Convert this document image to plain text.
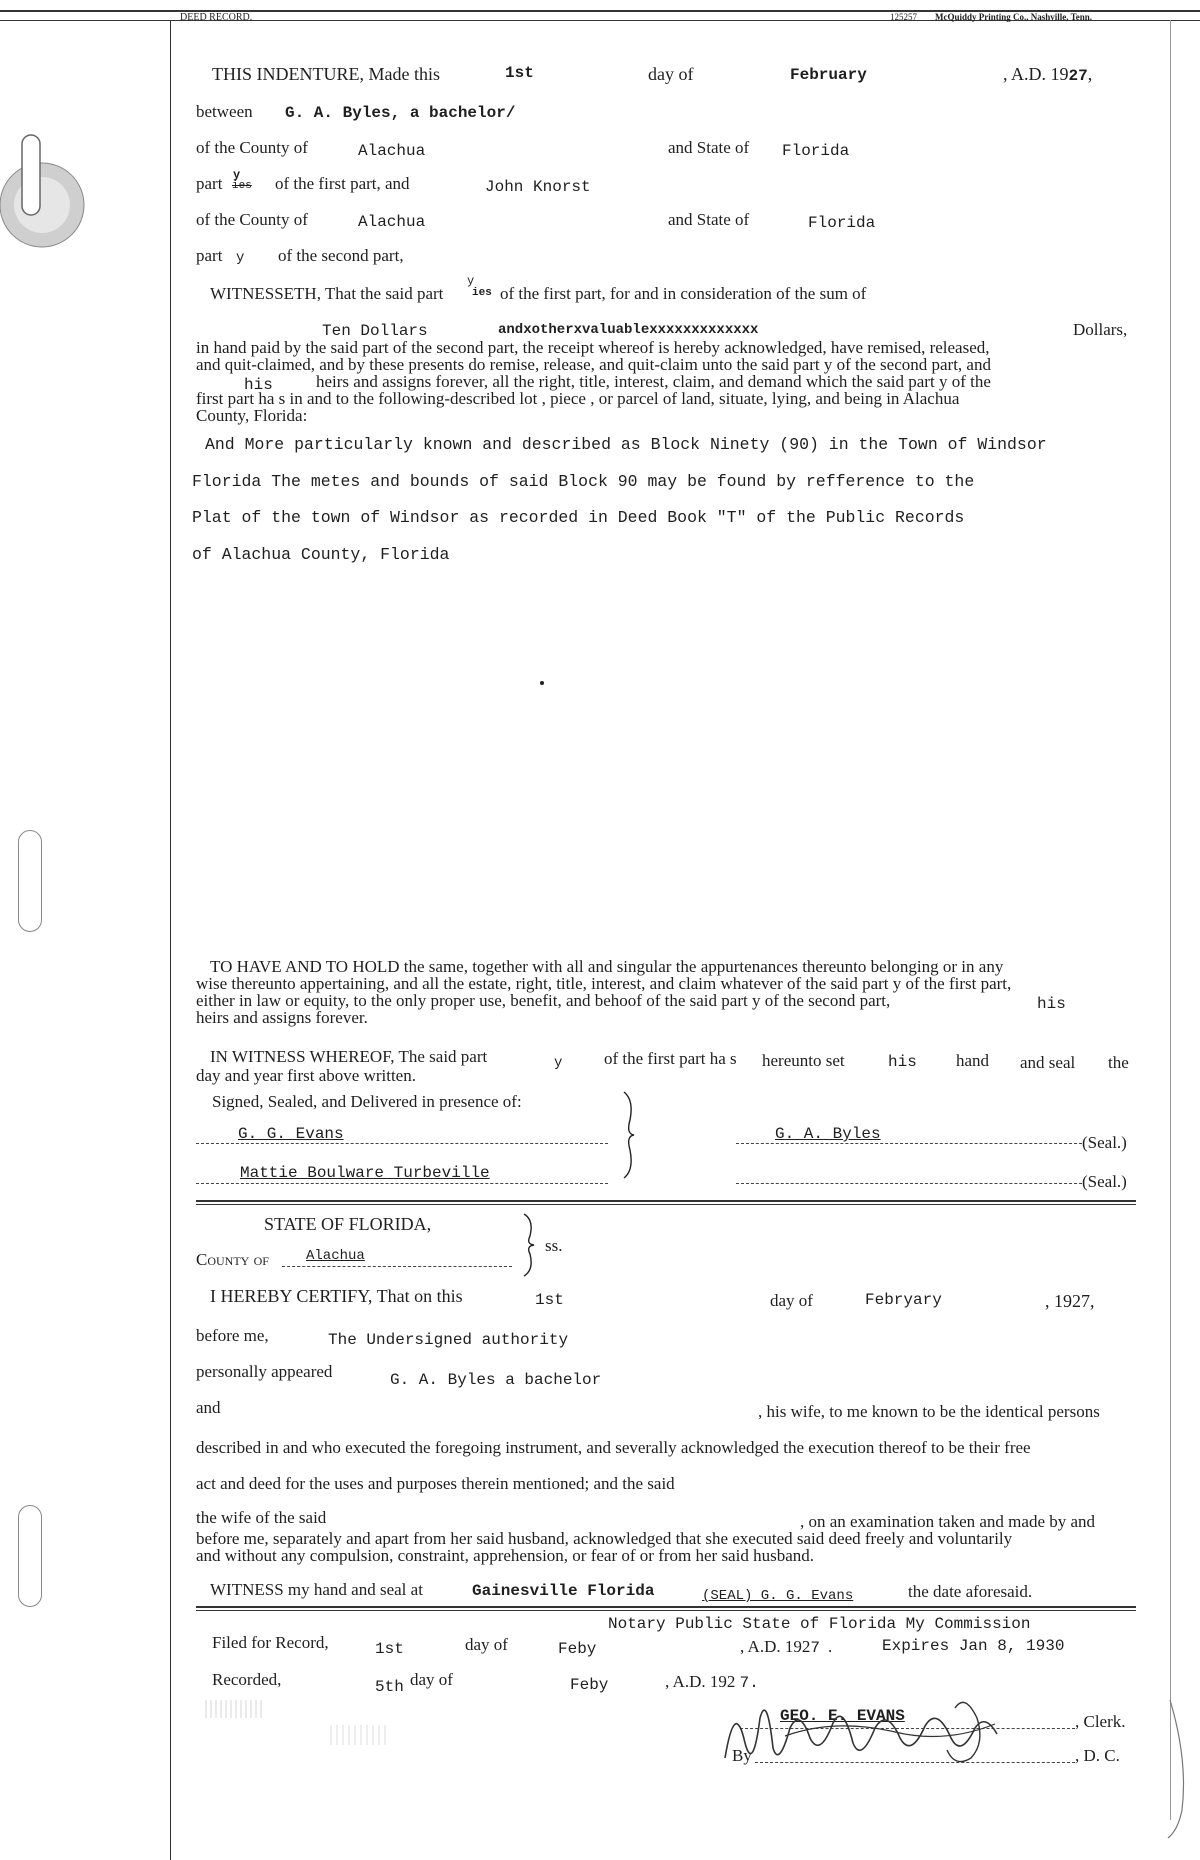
DEED RECORD.	125257 McQuiddy Printing Co., Nashville, Tenn.
THIS INDENTURE, Made this	1st	day of	February	, A.D. 1927,
between G. A. Byles, a bachelor/
of the County of	Alachua	and State of Florida
part y
ies of the first part, and	John Knorst
of the County of	Alachua	and State of	Florida
part y of the second part,
WITNESSETH, That the said part
y
ies of the first part, for and in consideration of the sum of
Ten Dollars	andxotherxvaluablexxxxxxxxxxxxx	Dollars,
in hand paid by the said part of the second part, the receipt whereof is hereby acknowledged, have remised, released,
and quit-claimed, and by these presents do remise, release, and quit-claim unto the said part y of the second part, and
his	heirs and assigns forever, all the right, title, interest, claim, and demand which the said part y of the
first part ha s in and to the following-described lot , piece , or parcel of land, situate, lying, and being in Alachua
County, Florida:
And More particularly known and described as Block Ninety (90) in the Town of Windsor
Florida The metes and bounds of said Block 90 may be found by refference to the
Plat of the town of Windsor as recorded in Deed Book "T" of the Public Records
of Alachua County, Florida
TO HAVE AND TO HOLD the same, together with all and singular the appurtenances thereunto belonging or in any
wise thereunto appertaining, and all the estate, right, title, interest, and claim whatever of the said part y of the first part,
either in law or equity, to the only proper use, benefit, and behoof of the said part y of the second part,	his
heirs and assigns forever.
IN WITNESS WHEREOF, The said part	y of the first part ha s hereunto set	his hand and seal the
day and year first above written.
Signed, Sealed, and Delivered in presence of:
G. G. Evans	G. A. Byles	(Seal.)
Mattie Boulware Turbeville	(Seal.)
STATE OF FLORIDA,
ss.
County of	Alachua
I HEREBY CERTIFY, That on this	1st	day of	Febryary	, 1927,
before me,	The Undersigned authority
personally appeared	G. A. Byles a bachelor
and	, his wife, to me known to be the identical persons
described in and who executed the foregoing instrument, and severally acknowledged the execution thereof to be their free
act and deed for the uses and purposes therein mentioned; and the said
the wife of the said	, on an examination taken and made by and
before me, separately and apart from her said husband, acknowledged that she executed said deed freely and voluntarily
and without any compulsion, constraint, apprehension, or fear of or from her said husband.
WITNESS my hand and seal at	Gainesville Florida	(SEAL) G. G. Evans	the date aforesaid.
Notary Public State of Florida My Commission
Expires Jan 8, 1930
Filed for Record,	1st	day of	Feby	, A.D. 1927 .
Recorded,	5th day of	Feby	, A.D. 192 7.
GEO. E. EVANS	, Clerk.
By	, D. C.
